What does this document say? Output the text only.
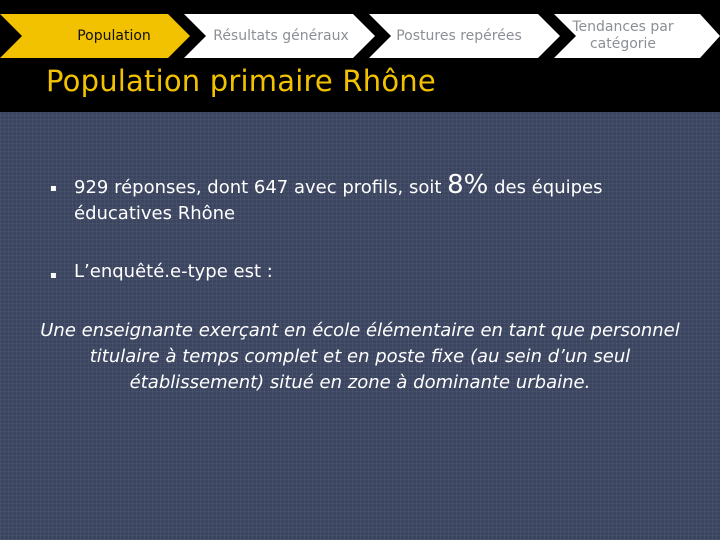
Population	Résultats généraux	Postures repérées
Tendances par catégorie
Population primaire Rhône
▪ 929 réponses, dont 647 avec profils, soit 8% des équipes éducatives Rhône
▪ L’enquêté.e-type est :

Une enseignante exerçant en école élémentaire en tant que personnel titulaire à temps complet et en poste fixe (au sein d’un seul établissement) situé en zone à dominante urbaine.
